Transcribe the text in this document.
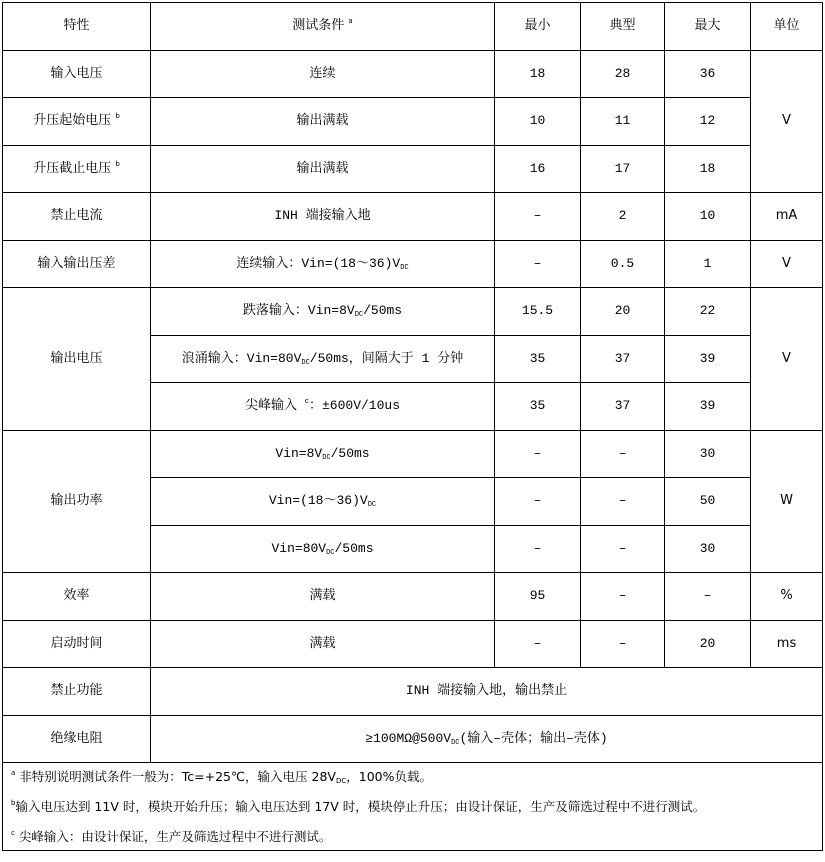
特性	测试条件 $^a$	最小	典型	最大	单位
输入电压	连续	18	28	36	V
升压起始电压 $^b$	输出满载	10	11	12	
升压截止电压 $^b$	输出满载	16	17	18	
禁止电流	INH 端接输入地	–	2	10	mA
输入输出压差	连续输入：$Vin=(18\sim 36)V_{DC}$	–	0.5	1	V
输出电压	跌落输入：$Vin=8V_{DC}/50ms$	15.5	20	22	V
	浪涌输入：$Vin=80V_{DC}/50ms$，间隔大于 1 分钟	35	37	39	
	尖峰输入 $^c$：±600V/10us	35	37	39	
输出功率	$Vin=8V_{DC}/50ms$	–	–	30	W
	$Vin=(18\sim 36)V_{DC}$	–	–	50	
	$Vin=80V_{DC}/50ms$	–	–	30	
效率	满载	95	–	–	%
启动时间	满载	–	–	20	ms
禁止功能	INH 端接输入地，输出禁止				
绝缘电阻	$\ge 100M\Omega@500V_{DC}$(输入–壳体；输出–壳体)				

$^a$ 非特别说明测试条件一般为：Tc=+25℃，输入电压 $28V_{DC}$，100%负载。
$^b$输入电压达到 11V 时，模块开始升压；输入电压达到 17V 时，模块停止升压；由设计保证，生产及筛选过程中不进行测试。
$^c$ 尖峰输入：由设计保证，生产及筛选过程中不进行测试。					
